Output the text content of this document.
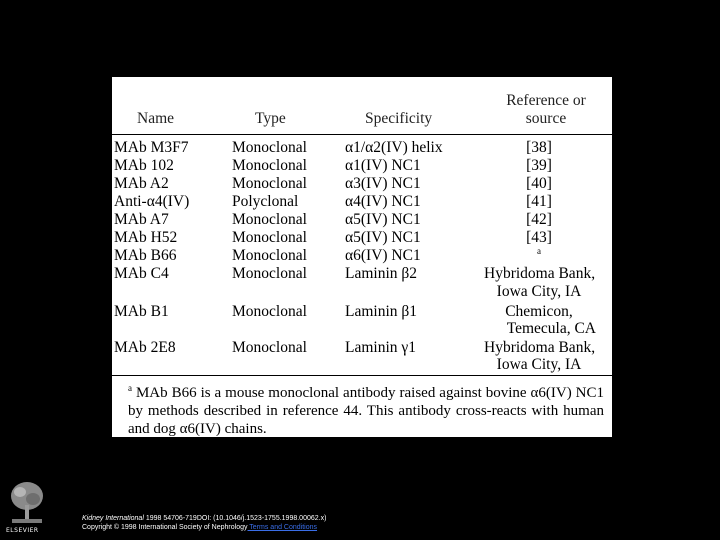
Name	Type	Specificity
Reference or
source
MAb M3F7	Monoclonal α1/α2(IV) helix	[38]
MAb 102	Monoclonal α1(IV) NC1	[39]
MAb A2	Monoclonal α3(IV) NC1	[40]
Anti-α4(IV)	Polyclonal	α4(IV) NC1	[41]
MAb A7	Monoclonal α5(IV) NC1	[42]
MAb H52	Monoclonal α5(IV) NC1	[43]
MAb B66	Monoclonal α6(IV) NC1	a
MAb C4	Monoclonal Laminin β2	Hybridoma Bank,
Iowa City, IA
MAb B1	Monoclonal Laminin β1	Chemicon,
Temecula, CA
MAb 2E8	Monoclonal Laminin γ1	Hybridoma Bank,
Iowa City, IA
$^a$ MAb B66 is a mouse monoclonal antibody raised against bovine α6(IV) NC1 by methods described in reference 44. This antibody cross-reacts with human and dog α6(IV) chains.
ELSEVIER
Kidney International 1998 54706-719DOI: (10.1046/j.1523-1755.1998.00062.x)
Copyright © 1998 International Society of Nephrology Terms and Conditions
